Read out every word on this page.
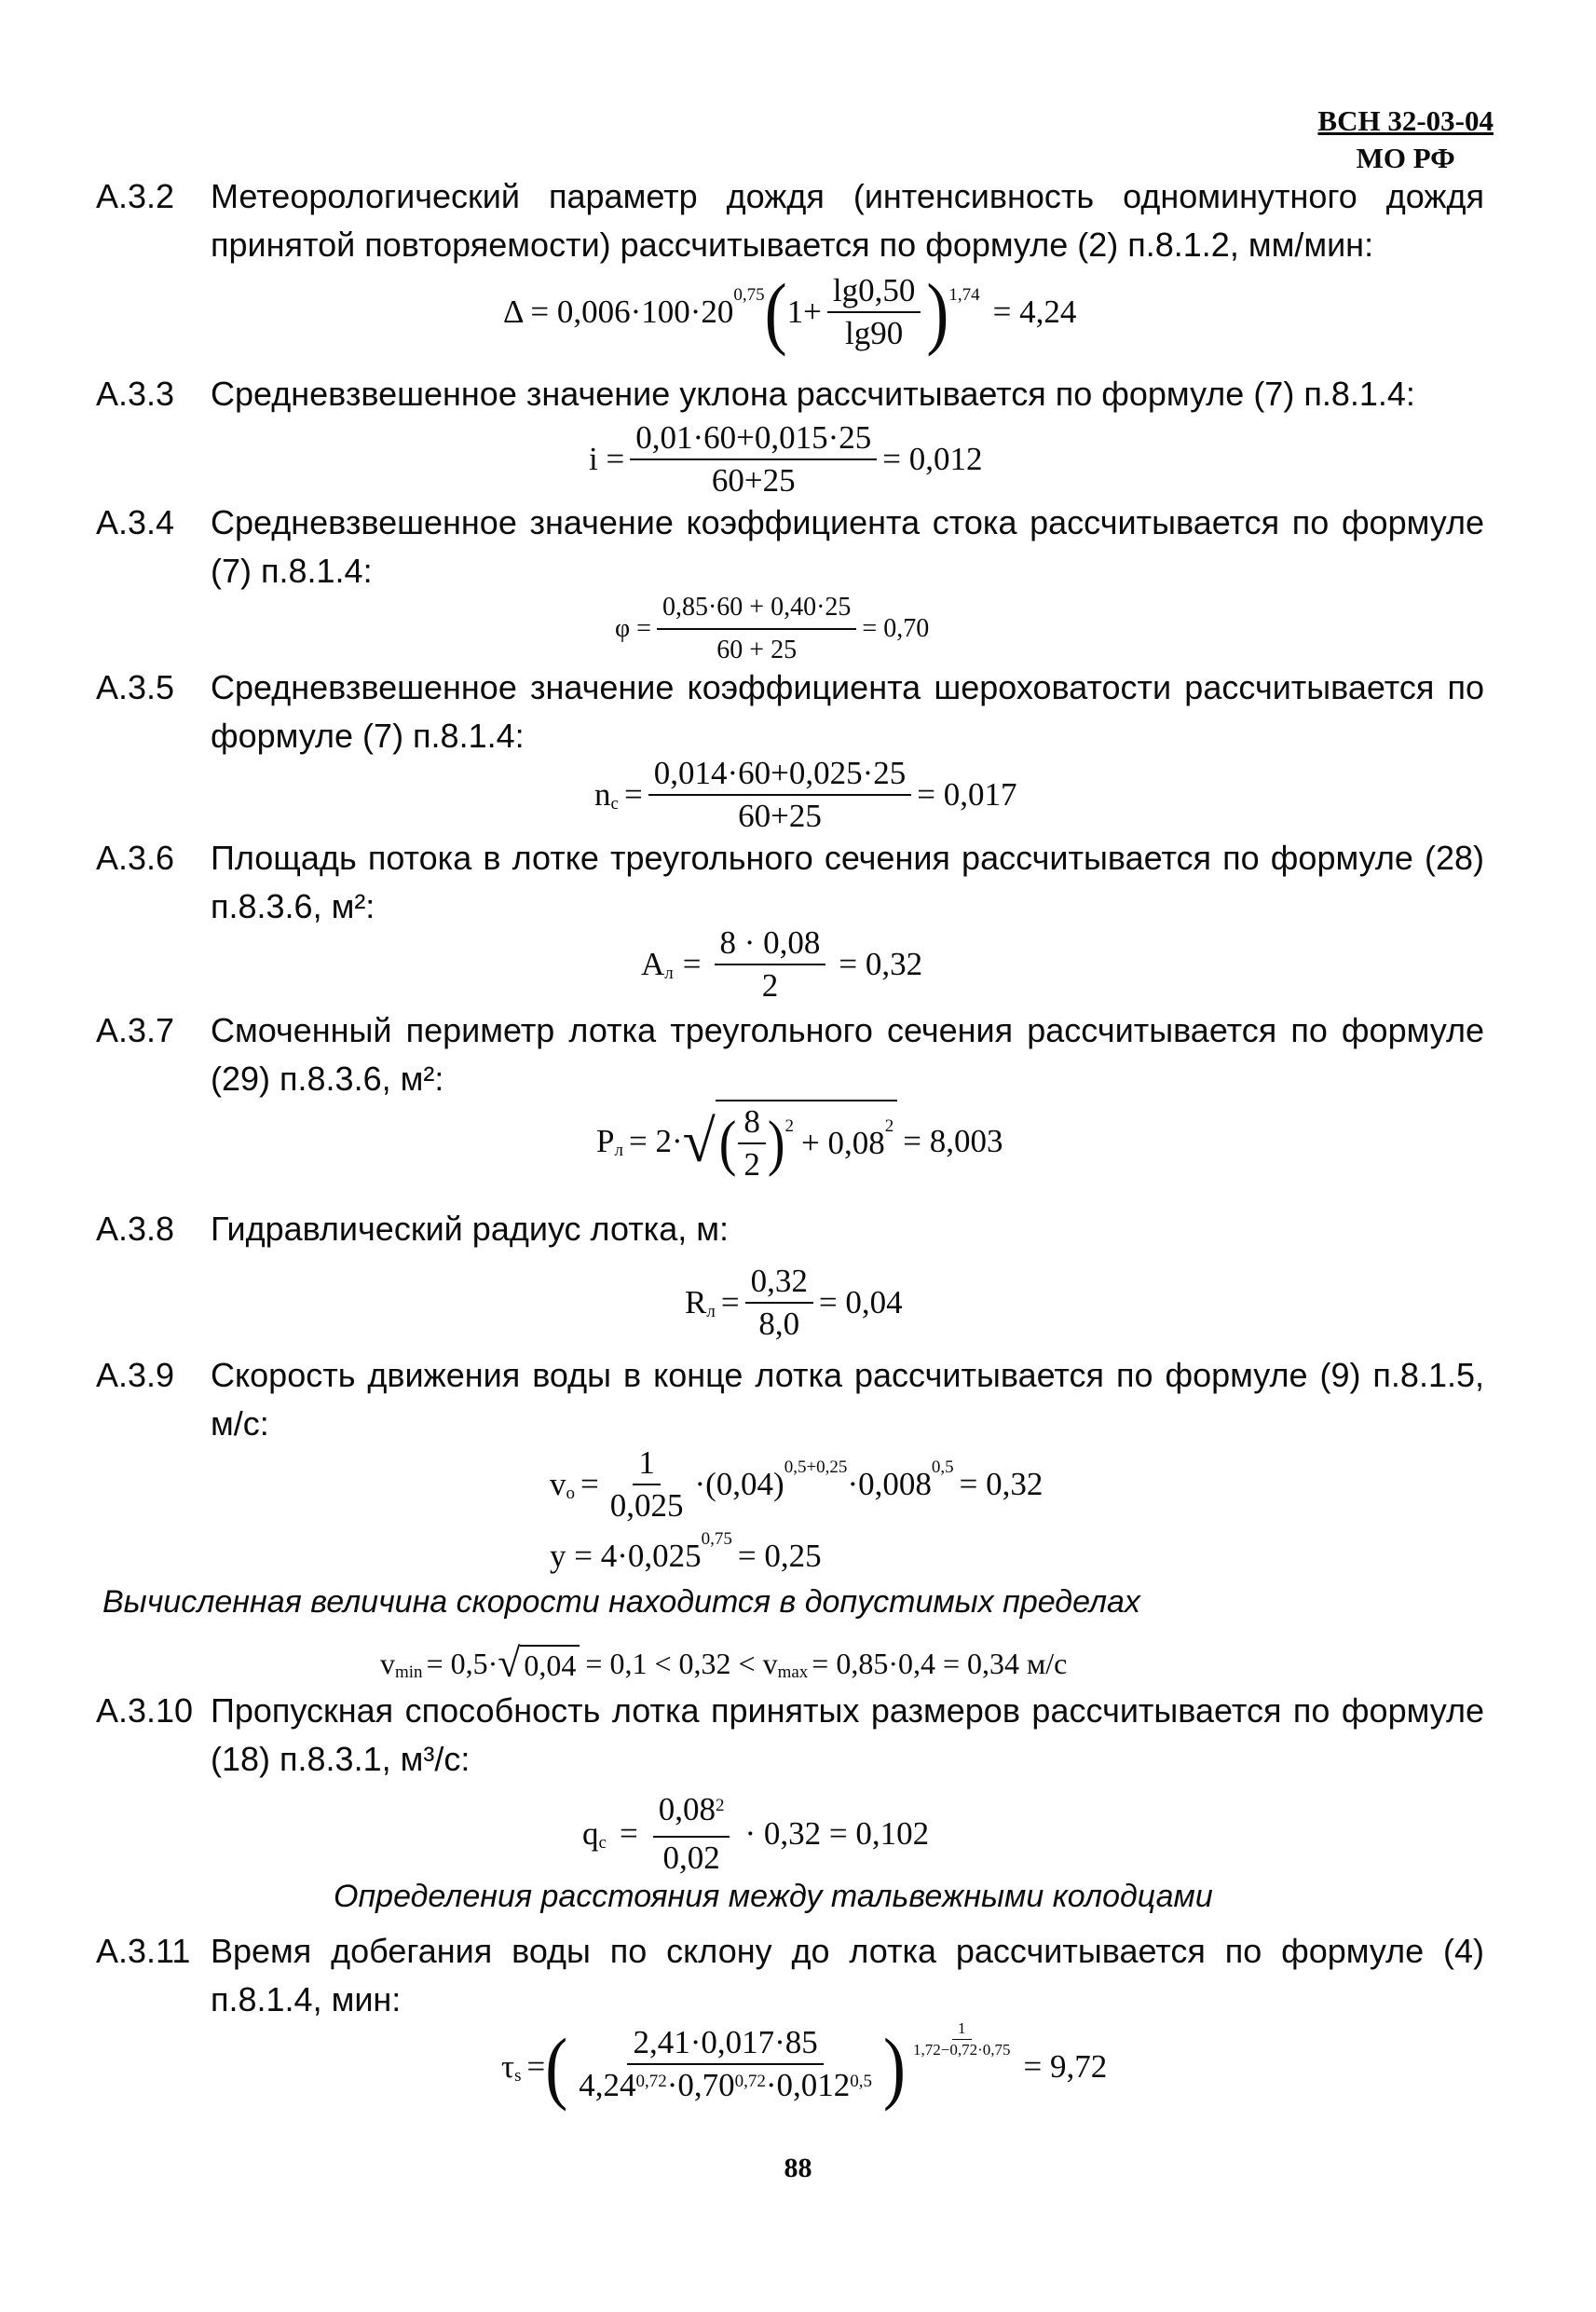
ВСН 32-03-04
МО РФ
А.3.2 Метеорологический параметр дождя (интенсивность одноминутного дождя принятой повторяемости) рассчитывается по формуле (2) п.8.1.2, мм/мин:
Δ = 0,006·100·20 0,75 ( $1+ \frac{\lg 0,50}{\lg 90}$ ) 1,74 = 4,24
А.3.3 Средневзвешенное значение уклона рассчитывается по формуле (7) п.8.1.4:
$i = \frac{0,01\cdot 60+0,015\cdot 25}{60+25} = 0,012$
А.3.4 Средневзвешенное значение коэффициента стока рассчитывается по формуле (7) п.8.1.4:
$\varphi = \frac{0,85\cdot 60 + 0,40\cdot 25}{60 + 25} = 0,70$
А.3.5 Средневзвешенное значение коэффициента шероховатости рассчитывается по формуле (7) п.8.1.4:
n $c = \frac{0,014\cdot 60+0,025\cdot 25}{60+25} = 0,017$
А.3.6 Площадь потока в лотке треугольного сечения рассчитывается по формуле (28) п.8.3.6, м²:
A $л = \frac{8 \cdot 0,08}{2} = 0,32$
А.3.7 Смоченный периметр лотка треугольного сечения рассчитывается по формуле (29) п.8.3.6, м²:
P л = 2· √ ( $\frac{8}{2}$ ) 2 + 0,08 2 = 8,003
А.3.8 Гидравлический радиус лотка, м:
R $л = \frac{0,32}{8,0} = 0,04$
А.3.9 Скорость движения воды в конце лотка рассчитывается по формуле (9) п.8.1.5, м/с:
v $o = \frac{1}{0,025} \cdot(0,04)$ 0,5+0,25 ·0,008 0,5 = 0,32
y = 4·0,025 0,75 = 0,25
Вычисленная величина скорости находится в допустимых пределах
v min = 0,5· √ 0,04 = 0,1 < 0,32 < v max = 0,85·0,4 = 0,34 м/с
А.3.10 Пропускная способность лотка принятых размеров рассчитывается по формуле (18) п.8.3.1, м³/с:
q $c = \frac{0,08^2}{0,02} \cdot 0,32 = 0,102$
Определения расстояния между тальвежными колодцами
А.3.11 Время добегания воды по склону до лотка рассчитывается по формуле (4) п.8.1.4, мин:
τ s = ( $\frac{2,41\cdot 0,017\cdot 85}{4,24^{0,72}\cdot 0,70^{0,72}\cdot 0,012^{0,5}}$ ) $\frac{1}{1,72-0,72\cdot 0,75}$
= 9,72
88
